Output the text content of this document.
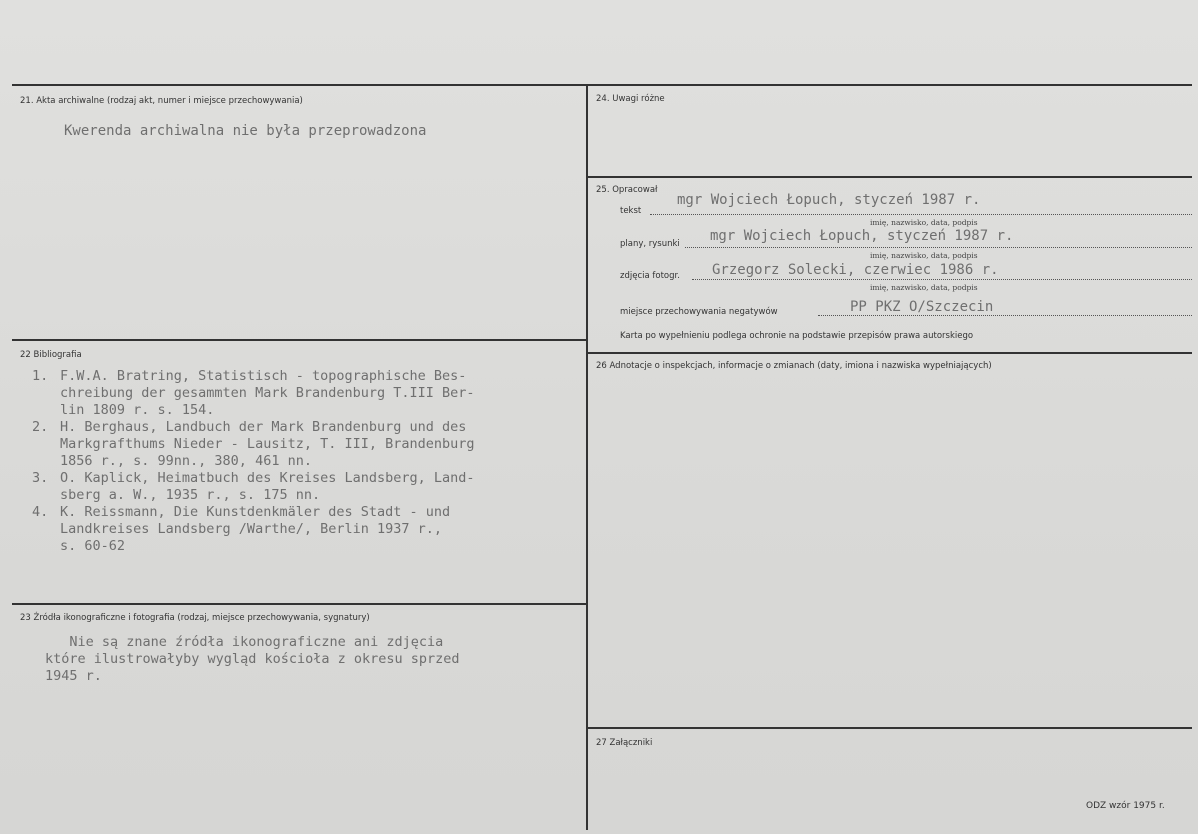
21. Akta archiwalne (rodzaj akt, numer i miejsce przechowywania)
Kwerenda archiwalna nie była przeprowadzona
22 Bibliografia
1. F.W.A. Bratring, Statistisch - topographische Bes-
chreibung der gesammten Mark Brandenburg T.III Ber-
lin 1809 r. s. 154.
2. H. Berghaus, Landbuch der Mark Brandenburg und des
Markgrafthums Nieder - Lausitz, T. III, Brandenburg
1856 r., s. 99nn., 380, 461 nn.
3. O. Kaplick, Heimatbuch des Kreises Landsberg, Land-
sberg a. W., 1935 r., s. 175 nn.
4. K. Reissmann, Die Kunstdenkmäler des Stadt - und
Landkreises Landsberg /Warthe/, Berlin 1937 r.,
s. 60-62
23 Źródła ikonograficzne i fotografia (rodzaj, miejsce przechowywania, sygnatury)
Nie są znane źródła ikonograficzne ani zdjęcia
które ilustrowałyby wygląd kościoła z okresu sprzed
1945 r.
24. Uwagi różne
25. Opracował
tekst
mgr Wojciech Łopuch, styczeń 1987 r.
imię, nazwisko, data, podpis
plany, rysunki mgr Wojciech Łopuch, styczeń 1987 r.
imię, nazwisko, data, podpis
zdjęcia fotogr. Grzegorz Solecki, czerwiec 1986 r.
imię, nazwisko, data, podpis
miejsce przechowywania negatywów	PP PKZ O/Szczecin
Karta po wypełnieniu podlega ochronie na podstawie przepisów prawa autorskiego
26 Adnotacje o inspekcjach, informacje o zmianach (daty, imiona i nazwiska wypełniających)
27 Załączniki
ODZ wzór 1975 r.
